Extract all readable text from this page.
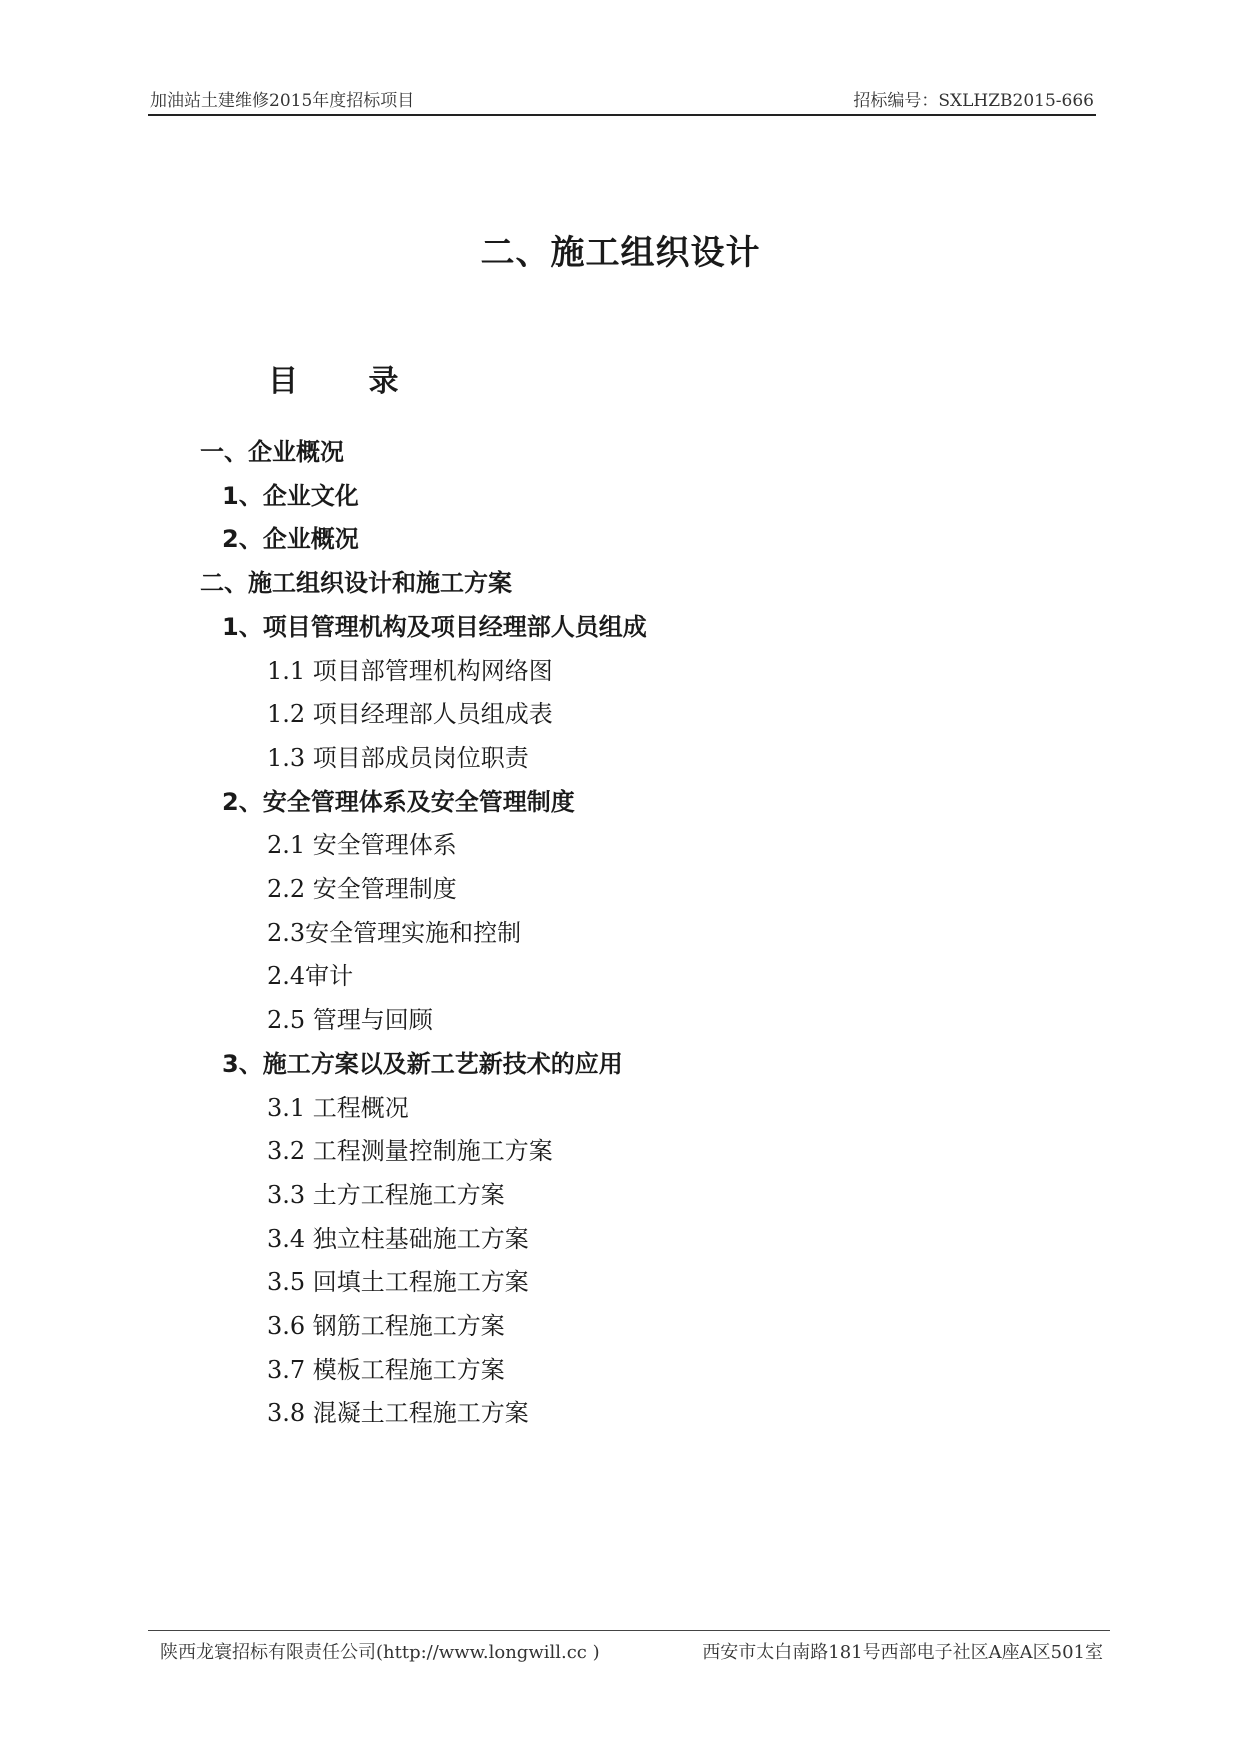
加油站土建维修2015年度招标项目	招标编号：SXLHZB2015-666
二、施工组织设计
目 录
一、企业概况
1、企业文化
2、企业概况
二、施工组织设计和施工方案
1、项目管理机构及项目经理部人员组成
1.1 项目部管理机构网络图
1.2 项目经理部人员组成表
1.3 项目部成员岗位职责
2、安全管理体系及安全管理制度
2.1 安全管理体系
2.2 安全管理制度
2.3安全管理实施和控制
2.4审计
2.5 管理与回顾
3、施工方案以及新工艺新技术的应用
3.1 工程概况
3.2 工程测量控制施工方案
3.3 土方工程施工方案
3.4 独立柱基础施工方案
3.5 回填土工程施工方案
3.6 钢筋工程施工方案
3.7 模板工程施工方案
3.8 混凝土工程施工方案
陕西龙寰招标有限责任公司(http://www.longwill.cc )	西安市太白南路181号西部电子社区A座A区501室
